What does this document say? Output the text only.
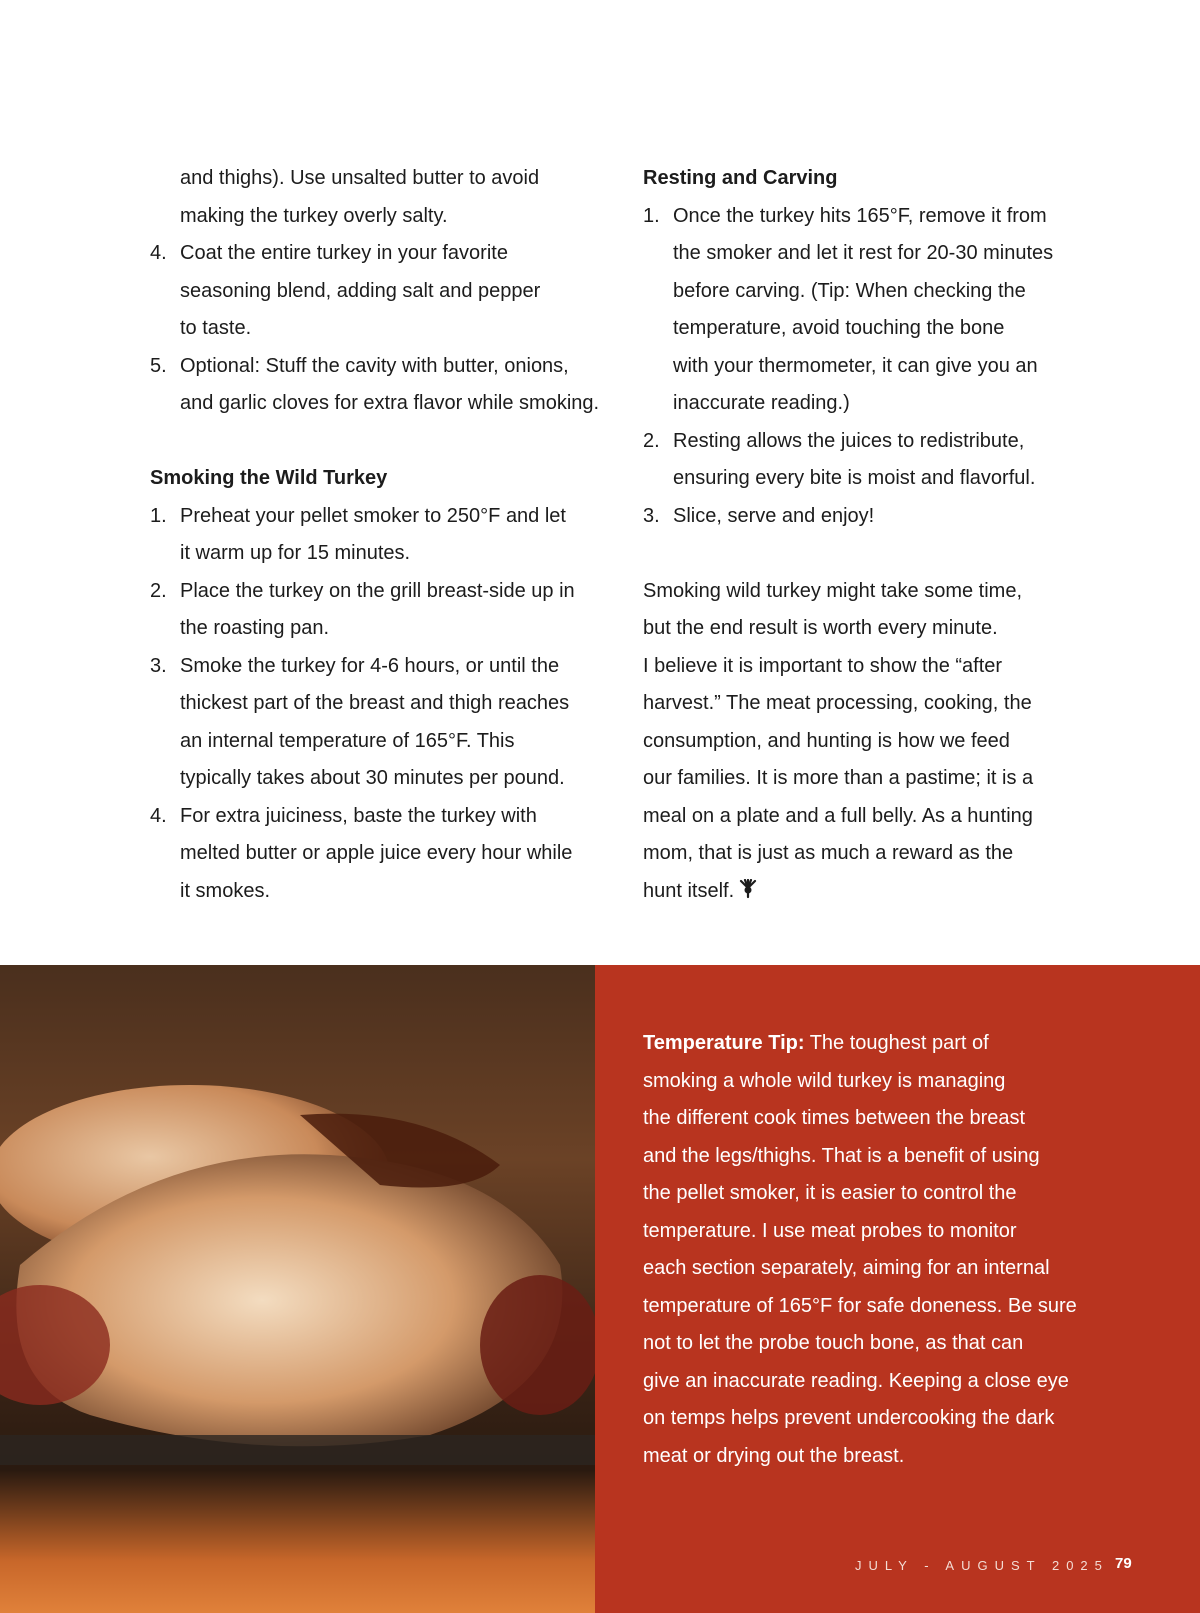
and thighs). Use unsalted butter to avoid
making the turkey overly salty.
4. Coat the entire turkey in your favorite
seasoning blend, adding salt and pepper
to taste.
5. Optional: Stuff the cavity with butter, onions,
and garlic cloves for extra flavor while smoking.
Smoking the Wild Turkey
1. Preheat your pellet smoker to 250°F and let
it warm up for 15 minutes.
2. Place the turkey on the grill breast-side up in
the roasting pan.
3. Smoke the turkey for 4-6 hours, or until the
thickest part of the breast and thigh reaches
an internal temperature of 165°F. This
typically takes about 30 minutes per pound.
4. For extra juiciness, baste the turkey with
melted butter or apple juice every hour while
it smokes.
Resting and Carving
1. Once the turkey hits 165°F, remove it from
the smoker and let it rest for 20-30 minutes
before carving. (Tip: When checking the
temperature, avoid touching the bone
with your thermometer, it can give you an
inaccurate reading.)
2. Resting allows the juices to redistribute,
ensuring every bite is moist and flavorful.
3. Slice, serve and enjoy!
Smoking wild turkey might take some time,
but the end result is worth every minute.
I believe it is important to show the “after
harvest.” The meat processing, cooking, the
consumption, and hunting is how we feed
our families. It is more than a pastime; it is a
meal on a plate and a full belly. As a hunting
mom, that is just as much a reward as the
hunt itself.
Temperature Tip: The toughest part of
smoking a whole wild turkey is managing
the different cook times between the breast
and the legs/thighs. That is a benefit of using
the pellet smoker, it is easier to control the
temperature. I use meat probes to monitor
each section separately, aiming for an internal
temperature of 165°F for safe doneness. Be sure
not to let the probe touch bone, as that can
give an inaccurate reading. Keeping a close eye
on temps helps prevent undercooking the dark
meat or drying out the breast.
JULY - AUGUST 2025 79
